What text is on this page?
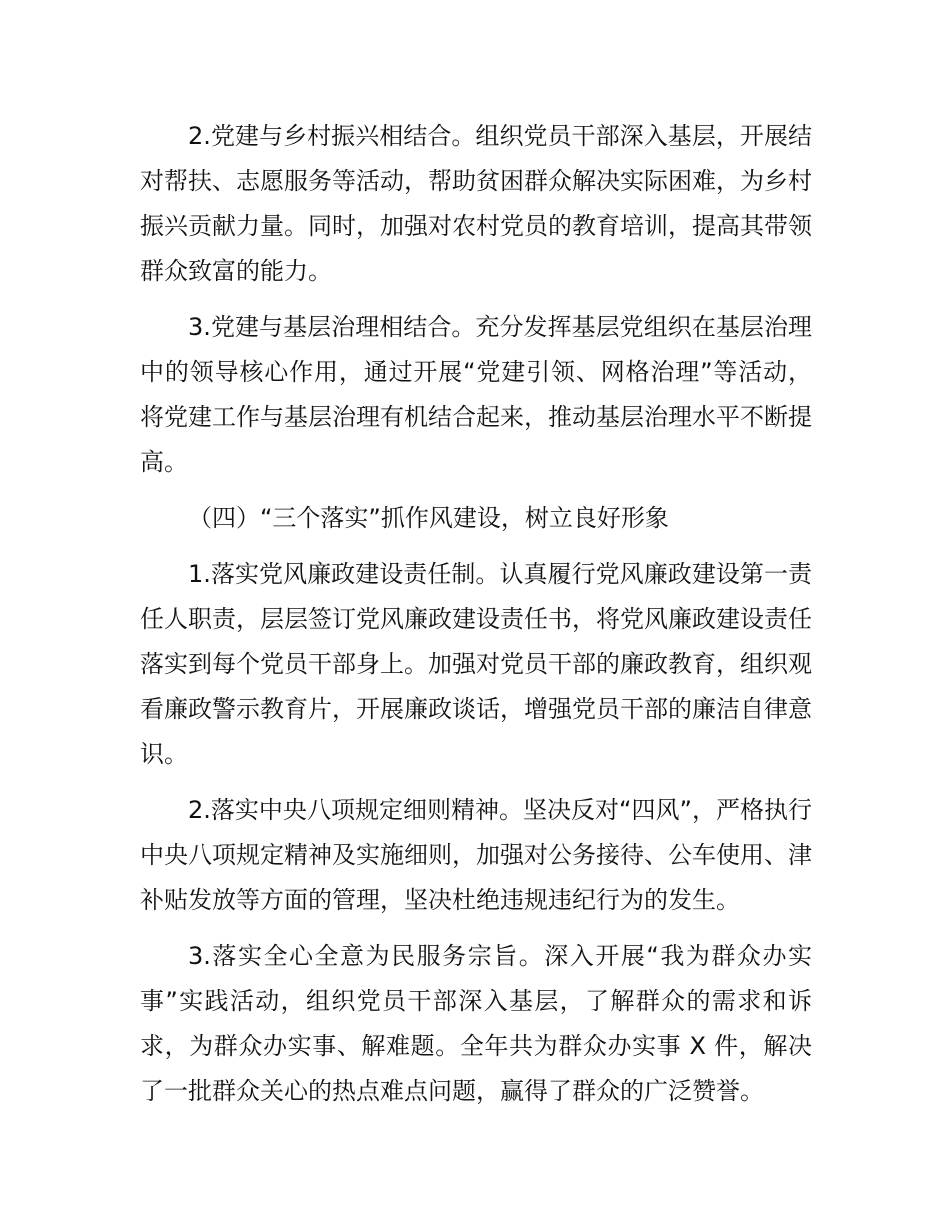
2.党建与乡村振兴相结合。组织党员干部深入基层，开展结对帮扶、志愿服务等活动，帮助贫困群众解决实际困难，为乡村振兴贡献力量。同时，加强对农村党员的教育培训，提高其带领群众致富的能力。

3.党建与基层治理相结合。充分发挥基层党组织在基层治理中的领导核心作用，通过开展“党建引领、网格治理”等活动，将党建工作与基层治理有机结合起来，推动基层治理水平不断提高。

（四）“三个落实”抓作风建设，树立良好形象

1.落实党风廉政建设责任制。认真履行党风廉政建设第一责任人职责，层层签订党风廉政建设责任书，将党风廉政建设责任落实到每个党员干部身上。加强对党员干部的廉政教育，组织观看廉政警示教育片，开展廉政谈话，增强党员干部的廉洁自律意识。

2.落实中央八项规定细则精神。坚决反对“四风”，严格执行中央八项规定精神及实施细则，加强对公务接待、公车使用、津补贴发放等方面的管理，坚决杜绝违规违纪行为的发生。

3.落实全心全意为民服务宗旨。深入开展“我为群众办实事”实践活动，组织党员干部深入基层，了解群众的需求和诉求，为群众办实事、解难题。全年共为群众办实事 X 件，解决了一批群众关心的热点难点问题，赢得了群众的广泛赞誉。
